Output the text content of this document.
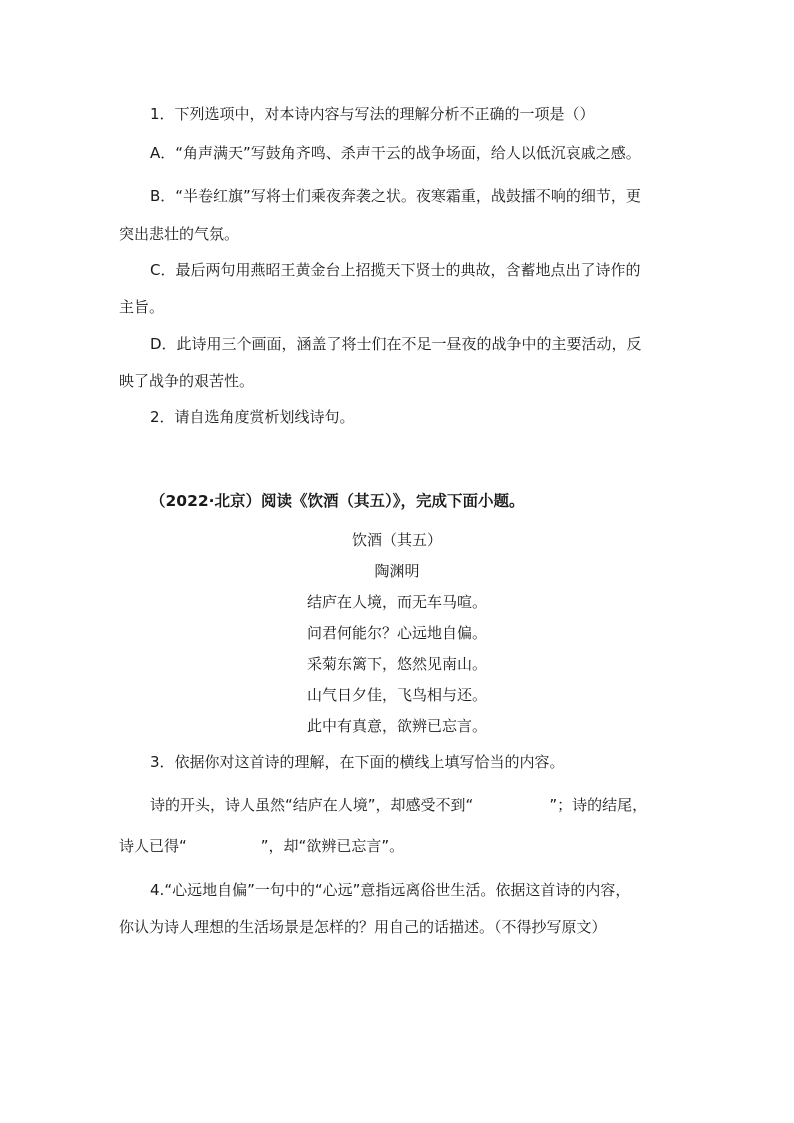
1．下列选项中，对本诗内容与写法的理解分析不正确的一项是（）
A．“角声满天”写鼓角齐鸣、杀声干云的战争场面，给人以低沉哀戚之感。
B．“半卷红旗”写将士们乘夜奔袭之状。夜寒霜重，战鼓擂不响的细节，更
突出悲壮的气氛。
C．最后两句用燕昭王黄金台上招揽天下贤士的典故，含蓄地点出了诗作的
主旨。
D．此诗用三个画面，涵盖了将士们在不足一昼夜的战争中的主要活动，反
映了战争的艰苦性。
2．请自选角度赏析划线诗句。
（2022·北京）阅读《饮酒（其五）》，完成下面小题。
饮酒（其五）
陶渊明
结庐在人境，而无车马喧。
问君何能尔？心远地自偏。
采菊东篱下，悠然见南山。
山气日夕佳，飞鸟相与还。
此中有真意，欲辨已忘言。
3．依据你对这首诗的理解，在下面的横线上填写恰当的内容。
诗的开头，诗人虽然“结庐在人境”，却感受不到“	”；诗的结尾，
诗人已得“	”，却“欲辨已忘言”。
4.“心远地自偏”一句中的“心远”意指远离俗世生活。依据这首诗的内容，
你认为诗人理想的生活场景是怎样的？用自己的话描述。（不得抄写原文）
